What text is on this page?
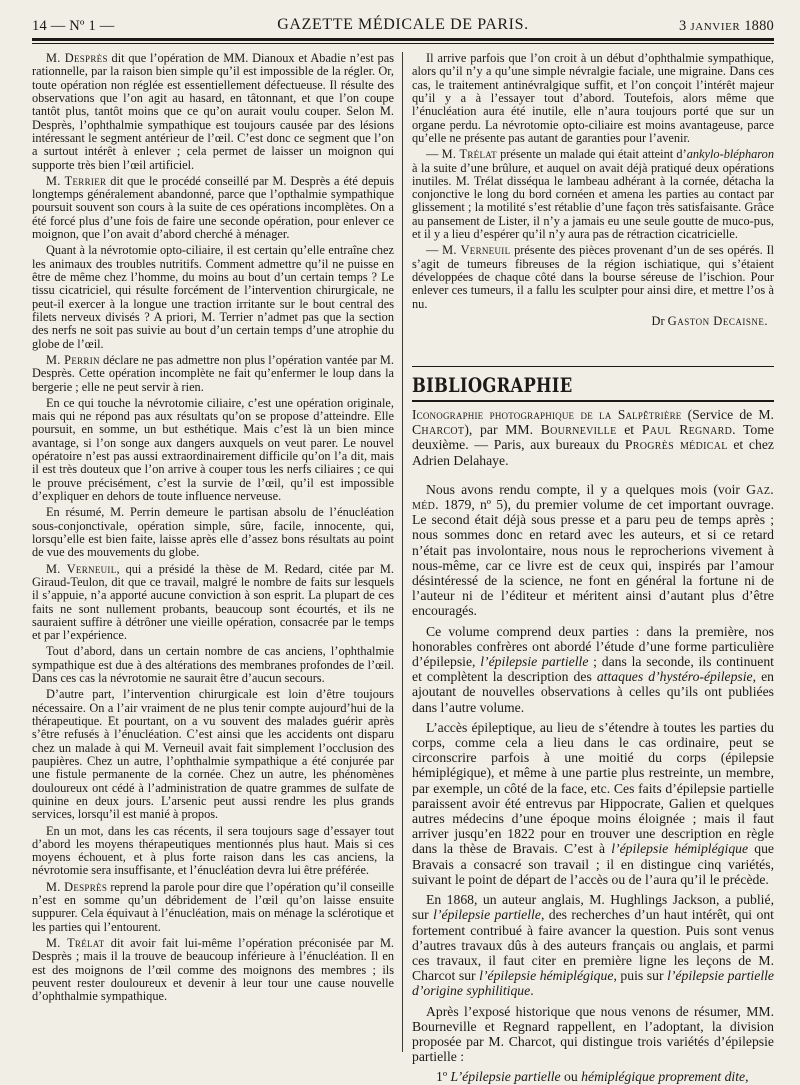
14 — Nº 1 —	GAZETTE MÉDICALE DE PARIS.	3 JANVIER 1880

M. Desprès dit que l’opération de MM. Dianoux et Abadie n’est pas rationnelle, par la raison bien simple qu’il est impossible de la régler. Or, toute opération non réglée est essentiellement défectueuse. Il résulte des observations que l’on agit au hasard, en tâtonnant, et que l’on coupe tantôt plus, tantôt moins que ce qu’on aurait voulu couper. Selon M. Desprès, l’ophthalmie sympathique est toujours causée par des lésions intéressant le segment antérieur de l’œil. C’est donc ce segment que l’on a surtout intérêt à enlever ; cela permet de laisser un moignon qui supporte très bien l’œil artificiel.

M. Terrier dit que le procédé conseillé par M. Desprès a été depuis longtemps généralement abandonné, parce que l’opthalmie sympathique poursuit souvent son cours à la suite de ces opérations incomplètes. On a été forcé plus d’une fois de faire une seconde opération, pour enlever ce moignon, que l’on avait d’abord cherché à ménager.

Quant à la névrotomie opto-ciliaire, il est certain qu’elle entraîne chez les animaux des troubles nutritifs. Comment admettre qu’il ne puisse en être de même chez l’homme, du moins au bout d’un certain temps ? Le tissu cicatriciel, qui résulte forcément de l’intervention chirurgicale, ne peut-il exercer à la longue une traction irritante sur le bout central des filets nerveux divisés ? A priori, M. Terrier n’admet pas que la section des nerfs ne soit pas suivie au bout d’un certain temps d’une atrophie du globe de l’œil.

M. Perrin déclare ne pas admettre non plus l’opération vantée par M. Desprès. Cette opération incomplète ne fait qu’enfermer le loup dans la bergerie ; elle ne peut servir à rien.

En ce qui touche la névrotomie ciliaire, c’est une opération originale, mais qui ne répond pas aux résultats qu’on se propose d’atteindre. Elle poursuit, en somme, un but esthétique. Mais c’est là un bien mince avantage, si l’on songe aux dangers auxquels on veut parer. Le nouvel opératoire n’est pas aussi extraordinairement difficile qu’on l’a dit, mais il est très douteux que l’on arrive à couper tous les nerfs ciliaires ; ce qui le prouve précisément, c’est la survie de l’œil, qu’il est impossible d’expliquer en dehors de toute influence nerveuse.

En résumé, M. Perrin demeure le partisan absolu de l’énucléation sous-conjonctivale, opération simple, sûre, facile, innocente, qui, lorsqu’elle est bien faite, laisse après elle d’assez bons résultats au point de vue des mouvements du globe.

M. Verneuil, qui a présidé la thèse de M. Redard, citée par M. Giraud-Teulon, dit que ce travail, malgré le nombre de faits sur lesquels il s’appuie, n’a apporté aucune conviction à son esprit. La plupart de ces faits ne sont nullement probants, beaucoup sont écourtés, et ils ne sauraient suffire à détrôner une vieille opération, consacrée par le temps et par l’expérience.

Tout d’abord, dans un certain nombre de cas anciens, l’ophthalmie sympathique est due à des altérations des membranes profondes de l’œil. Dans ces cas la névrotomie ne saurait être d’aucun secours.

D’autre part, l’intervention chirurgicale est loin d’être toujours nécessaire. On a l’air vraiment de ne plus tenir compte aujourd’hui de la thérapeutique. Et pourtant, on a vu souvent des malades guérir après s’être refusés à l’énucléation. C’est ainsi que les accidents ont disparu chez un malade à qui M. Verneuil avait fait simplement l’occlusion des paupières. Chez un autre, l’ophthalmie sympathique a été conjurée par une fistule permanente de la cornée. Chez un autre, les phénomènes douloureux ont cédé à l’administration de quatre grammes de sulfate de quinine en deux jours. L’arsenic peut aussi rendre les plus grands services, lorsqu’il est manié à propos.

En un mot, dans les cas récents, il sera toujours sage d’essayer tout d’abord les moyens thérapeutiques mentionnés plus haut. Mais si ces moyens échouent, et à plus forte raison dans les cas anciens, la névrotomie sera insuffisante, et l’énucléation devra lui être préférée.

M. Desprès reprend la parole pour dire que l’opération qu’il conseille n’est en somme qu’un débridement de l’œil qu’on laisse ensuite suppurer. Cela équivaut à l’énucléation, mais on ménage la sclérotique et les parties qui l’entourent.

M. Trélat dit avoir fait lui-même l’opération préconisée par M. Desprès ; mais il la trouve de beaucoup inférieure à l’énucléation. Il en est des moignons de l’œil comme des moignons des membres ; ils peuvent rester douloureux et devenir à leur tour une cause nouvelle d’ophthalmie sympathique.

Il arrive parfois que l’on croit à un début d’ophthalmie sympathique, alors qu’il n’y a qu’une simple névralgie faciale, une migraine. Dans ces cas, le traitement antinévralgique suffit, et l’on conçoit l’intérêt majeur qu’il y a à l’essayer tout d’abord. Toutefois, alors même que l’énucléation aura été inutile, elle n’aura toujours porté que sur un organe perdu. La névrotomie opto-ciliaire est moins avantageuse, parce qu’elle ne présente pas autant de garanties pour l’avenir.

— M. Trélat présente un malade qui était atteint d’ankylo-blépharon à la suite d’une brûlure, et auquel on avait déjà pratiqué deux opérations inutiles. M. Trélat disséqua le lambeau adhérant à la cornée, détacha la conjonctive le long du bord cornéen et amena les parties au contact par glissement ; la motilité s’est rétablie d’une façon très satisfaisante. Grâce au pansement de Lister, il n’y a jamais eu une seule goutte de muco-pus, et il y a lieu d’espérer qu’il n’y aura pas de rétraction cicatricielle.

— M. Verneuil présente des pièces provenant d’un de ses opérés. Il s’agit de tumeurs fibreuses de la région ischiatique, qui s’étaient développées de chaque côté dans la bourse séreuse de l’ischion. Pour enlever ces tumeurs, il a fallu les sculpter pour ainsi dire, et mettre l’os à nu.

Dr Gaston Decaisne.

BIBLIOGRAPHIE

Iconographie photographique de la Salpêtrière (Service de M. Charcot), par MM. Bourneville et Paul Regnard. Tome deuxième. — Paris, aux bureaux du Progrès médical et chez Adrien Delahaye.

Nous avons rendu compte, il y a quelques mois (voir Gaz. méd. 1879, nº 5), du premier volume de cet important ouvrage. Le second était déjà sous presse et a paru peu de temps après ; nous sommes donc en retard avec les auteurs, et si ce retard n’était pas involontaire, nous nous le reprocherions vivement à nous-même, car ce livre est de ceux qui, inspirés par l’amour désintéressé de la science, ne font en général la fortune ni de l’auteur ni de l’éditeur et méritent ainsi d’autant plus d’être encouragés.

Ce volume comprend deux parties : dans la première, nos honorables confrères ont abordé l’étude d’une forme particulière d’épilepsie, l’épilepsie partielle ; dans la seconde, ils continuent et complètent la description des attaques d’hystéro-épilepsie, en ajoutant de nouvelles observations à celles qu’ils ont publiées dans l’autre volume.

L’accès épileptique, au lieu de s’étendre à toutes les parties du corps, comme cela a lieu dans le cas ordinaire, peut se circonscrire parfois à une moitié du corps (épilepsie hémiplégique), et même à une partie plus restreinte, un membre, par exemple, un côté de la face, etc. Ces faits d’épilepsie partielle paraissent avoir été entrevus par Hippocrate, Galien et quelques autres médecins d’une époque moins éloignée ; mais il faut arriver jusqu’en 1822 pour en trouver une description en règle dans la thèse de Bravais. C’est à l’épilepsie hémiplégique que Bravais a consacré son travail ; il en distingue cinq variétés, suivant le point de départ de l’accès ou de l’aura qu’il le précède.

En 1868, un auteur anglais, M. Hughlings Jackson, a publié, sur l’épilepsie partielle, des recherches d’un haut intérêt, qui ont fortement contribué à faire avancer la question. Puis sont venus d’autres travaux dûs à des auteurs français ou anglais, et parmi ces travaux, il faut citer en première ligne les leçons de M. Charcot sur l’épilepsie hémiplégique, puis sur l’épilepsie partielle d’origine syphilitique.

Après l’exposé historique que nous venons de résumer, MM. Bourneville et Regnard rappellent, en l’adoptant, la division proposée par M. Charcot, qui distingue trois variétés d’épilepsie partielle :

1º L’épilepsie partielle ou hémiplégique proprement dite,
